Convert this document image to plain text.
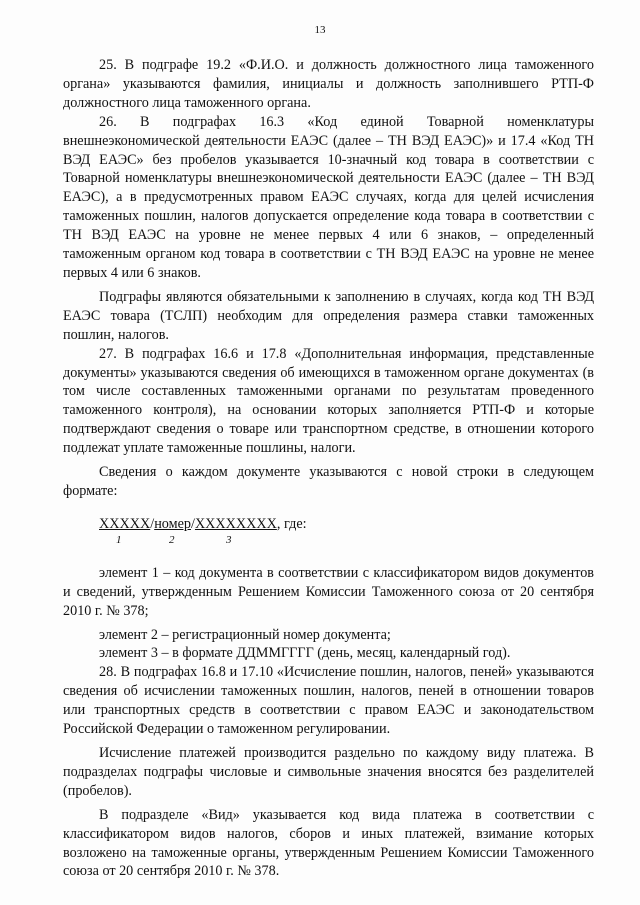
13

25. В подграфе 19.2 «Ф.И.О. и должность должностного лица таможенного органа» указываются фамилия, инициалы и должность заполнившего РТП-Ф должностного лица таможенного органа.

26. В подграфах 16.3 «Код единой Товарной номенклатуры внешнеэкономической деятельности ЕАЭС (далее – ТН ВЭД ЕАЭС)» и 17.4 «Код ТН ВЭД ЕАЭС» без пробелов указывается 10-значный код товара в соответствии с Товарной номенклатуры внешнеэкономической деятельности ЕАЭС (далее – ТН ВЭД ЕАЭС), а в предусмотренных правом ЕАЭС случаях, когда для целей исчисления таможенных пошлин, налогов допускается определение кода товара в соответствии с ТН ВЭД ЕАЭС на уровне не менее первых 4 или 6 знаков, – определенный таможенным органом код товара в соответствии с ТН ВЭД ЕАЭС на уровне не менее первых 4 или 6 знаков.

Подграфы являются обязательными к заполнению в случаях, когда код ТН ВЭД ЕАЭС товара (ТСЛП) необходим для определения размера ставки таможенных пошлин, налогов.

27. В подграфах 16.6 и 17.8 «Дополнительная информация, представленные документы» указываются сведения об имеющихся в таможенном органе документах (в том числе составленных таможенными органами по результатам проведенного таможенного контроля), на основании которых заполняется РТП-Ф и которые подтверждают сведения о товаре или транспортном средстве, в отношении которого подлежат уплате таможенные пошлины, налоги.

Сведения о каждом документе указываются с новой строки в следующем формате:

ХХХХХ/номер/ХХХХХХХХ, где:
1	2	3

элемент 1 – код документа в соответствии с классификатором видов документов и сведений, утвержденным Решением Комиссии Таможенного союза от 20 сентября 2010 г. № 378;

элемент 2 – регистрационный номер документа;

элемент 3 – в формате ДДММГГГГ (день, месяц, календарный год).

28. В подграфах 16.8 и 17.10 «Исчисление пошлин, налогов, пеней» указываются сведения об исчислении таможенных пошлин, налогов, пеней в отношении товаров или транспортных средств в соответствии с правом ЕАЭС и законодательством Российской Федерации о таможенном регулировании.

Исчисление платежей производится раздельно по каждому виду платежа. В подразделах подграфы числовые и символьные значения вносятся без разделителей (пробелов).

В подразделе «Вид» указывается код вида платежа в соответствии с классификатором видов налогов, сборов и иных платежей, взимание которых возложено на таможенные органы, утвержденным Решением Комиссии Таможенного союза от 20 сентября 2010 г. № 378.
